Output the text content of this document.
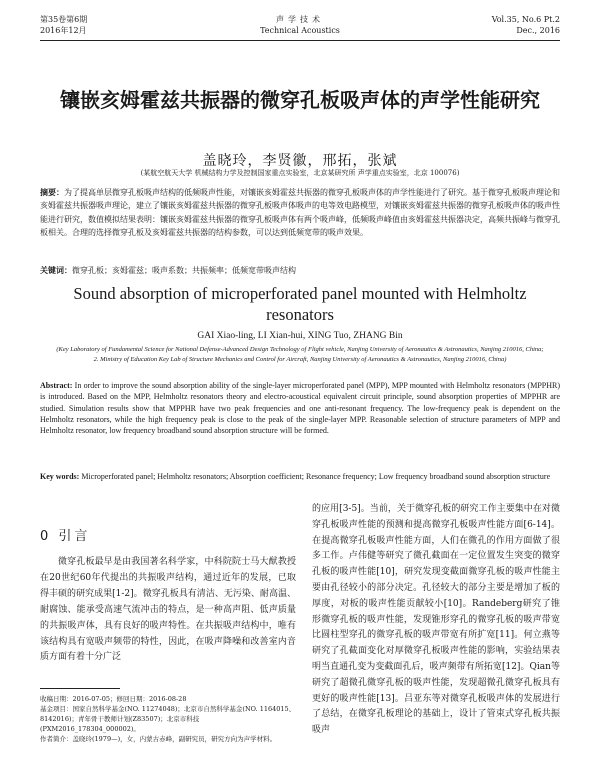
第35卷第6期
2016年12月
声学技术
Technical Acoustics
Vol.35, No.6 Pt.2
Dec., 2016
镶嵌亥姆霍兹共振器的微穿孔板吸声体的声学性能研究
盖晓玲，李贤徽，邢拓，张斌
(某航空航天大学 机械结构力学及控制国家重点实验室，北京某研究所 声学重点实验室，北京 100076)
摘要：为了提高单层微穿孔板吸声结构的低频吸声性能，对镶嵌亥姆霍兹共振器的微穿孔板吸声体的声学性能进行了研究。基于微穿孔板吸声理论和亥姆霍兹共振器吸声理论，建立了镶嵌亥姆霍兹共振器的微穿孔板吸声体吸声的电等效电路模型，对镶嵌亥姆霍兹共振器的微穿孔板吸声体的吸声性能进行研究，数值模拟结果表明：镶嵌亥姆霍兹共振器的微穿孔板吸声体有两个吸声峰，低频吸声峰值由亥姆霍兹共振器决定，高频共振峰与微穿孔板相关。合理的选择微穿孔板及亥姆霍兹共振器的结构参数，可以达到低频宽带的吸声效果。
关键词：微穿孔板；亥姆霍兹；吸声系数；共振频率；低频宽带吸声结构
Sound absorption of microperforated panel mounted with Helmholtz resonators
GAI Xiao-ling, LI Xian-hui, XING Tuo, ZHANG Bin
(Key Laboratory of Fundamental Science for National Defense-Advanced Design Technology of Flight vehicle, Nanjing University of Aeronautics & Astronautics, Nanjing 210016, China;
2. Ministry of Education Key Lab of Structure Mechanics and Control for Aircraft, Nanjing University of Aeronautics & Astronautics, Nanjing 210016, China)
Abstract: In order to improve the sound absorption ability of the single-layer microperforated panel (MPP), MPP mounted with Helmholtz resonators (MPPHR) is introduced. Based on the MPP, Helmholtz resonators theory and electro-acoustical equivalent circuit principle, sound absorption properties of MPPHR are studied. Simulation results show that MPPHR have two peak frequencies and one anti-resonant frequency. The low-frequency peak is dependent on the Helmholtz resonators, while the high frequency peak is close to the peak of the single-layer MPP. Reasonable selection of structure parameters of MPP and Helmholtz resonator, low frequency broadband sound absorption structure will be formed.
Key words: Microperforated panel; Helmholtz resonators; Absorption coefficient; Resonance frequency; Low frequency broadband sound absorption structure
0 引言
微穿孔板最早是由我国著名科学家，中科院院士马大猷教授在20世纪60年代提出的共振吸声结构，通过近年的发展，已取得丰硕的研究成果[1-2]。微穿孔板具有清洁、无污染、耐高温、耐腐蚀、能承受高速气流冲击的特点，是一种高声阻、低声质量的共振吸声体，具有良好的吸声特性。在共振吸声结构中，唯有该结构具有宽吸声频带的特性，因此，在吸声降噪和改善室内音质方面有着十分广泛
的应用[3-5]。当前，关于微穿孔板的研究工作主要集中在对微穿孔板吸声性能的预测和提高微穿孔板吸声性能方面[6-14]。在提高微穿孔板吸声性能方面，人们在微孔的作用方面做了很多工作。卢伟健等研究了微孔截面在一定位置发生突变的微穿孔板的吸声性能[10]，研究发现变截面微穿孔板的吸声性能主要由孔径较小的部分决定。孔径较大的部分主要是增加了板的厚度，对板的吸声性能贡献较小[10]。Randeberg研究了锥形微穿孔板的吸声性能，发现锥形穿孔的微穿孔板的吸声带宽比圆柱型穿孔的微穿孔板的吸声带宽有所扩宽[11]。何立燕等研究了孔截面变化对厚微穿孔板吸声性能的影响，实验结果表明当直通孔变为变截面孔后，吸声频带有所拓宽[12]。Qian等研究了超微孔微穿孔板的吸声性能，发现超微孔微穿孔板具有更好的吸声性能[13]。吕亚东等对微穿孔板吸声体的发展进行了总结，在微穿孔板理论的基础上，设计了管束式穿孔板共振吸声
收稿日期：2016-07-05；修回日期：2016-08-28
基金项目：国家自然科学基金(NO. 11274048)；北京市自然科学基金(NO. 1164015、8142016)；青年骨干教师计划(Z83507)；北京市科技(PXM2016_178304_000002)。
作者简介：盖晓玲(1979—)，女，内蒙古赤峰，副研究员，研究方向为声学材料。
